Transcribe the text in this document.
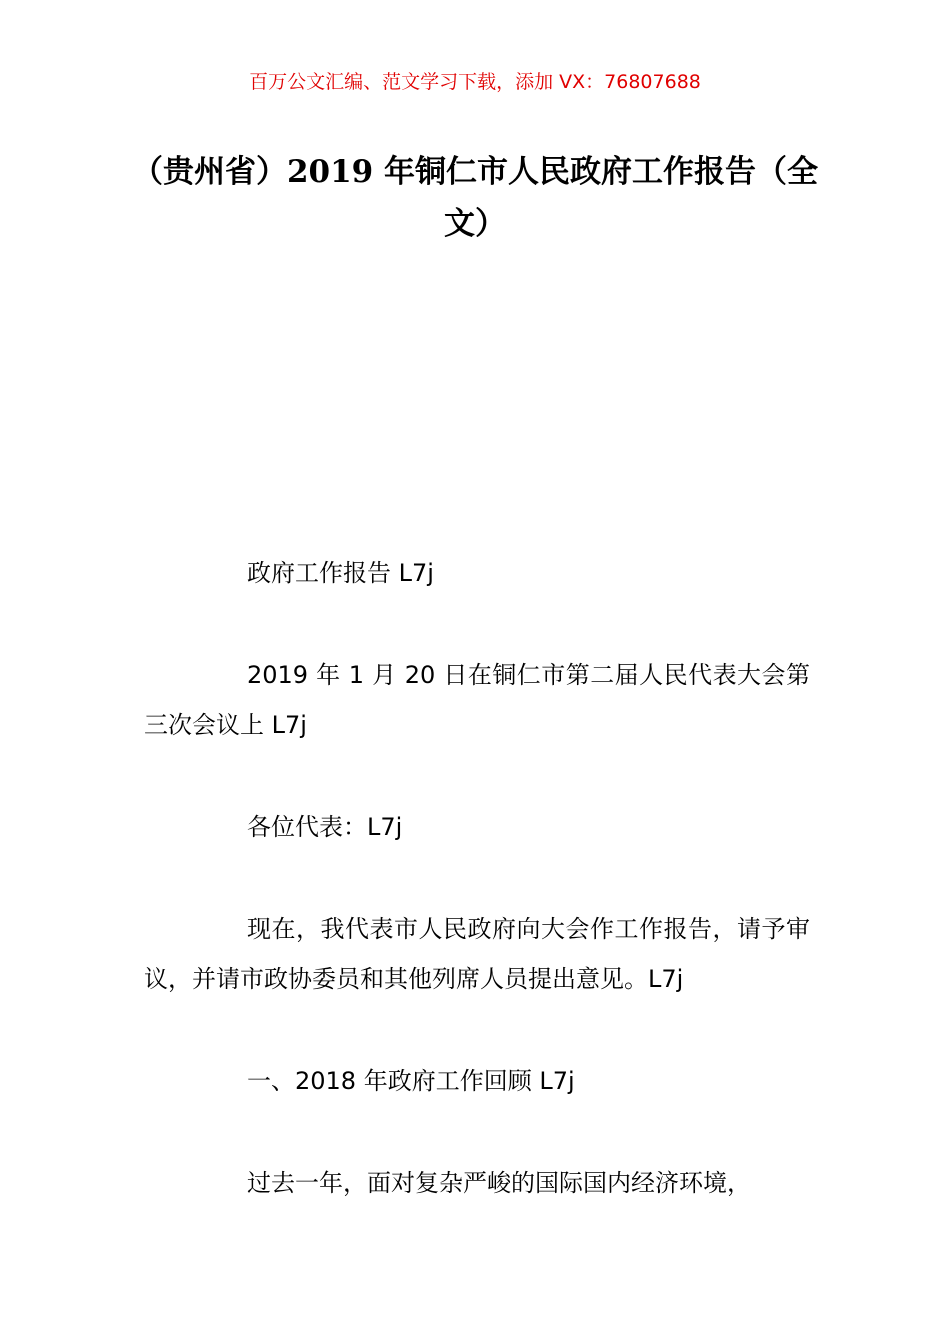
百万公文汇编、范文学习下载，添加 VX：76807688
（贵州省）2019 年铜仁市人民政府工作报告（全文）

政府工作报告 L7j

2019 年 1 月 20 日在铜仁市第二届人民代表大会第三次会议上 L7j

各位代表：L7j

现在，我代表市人民政府向大会作工作报告，请予审议，并请市政协委员和其他列席人员提出意见。L7j

一、2018 年政府工作回顾 L7j

过去一年，面对复杂严峻的国际国内经济环境，
